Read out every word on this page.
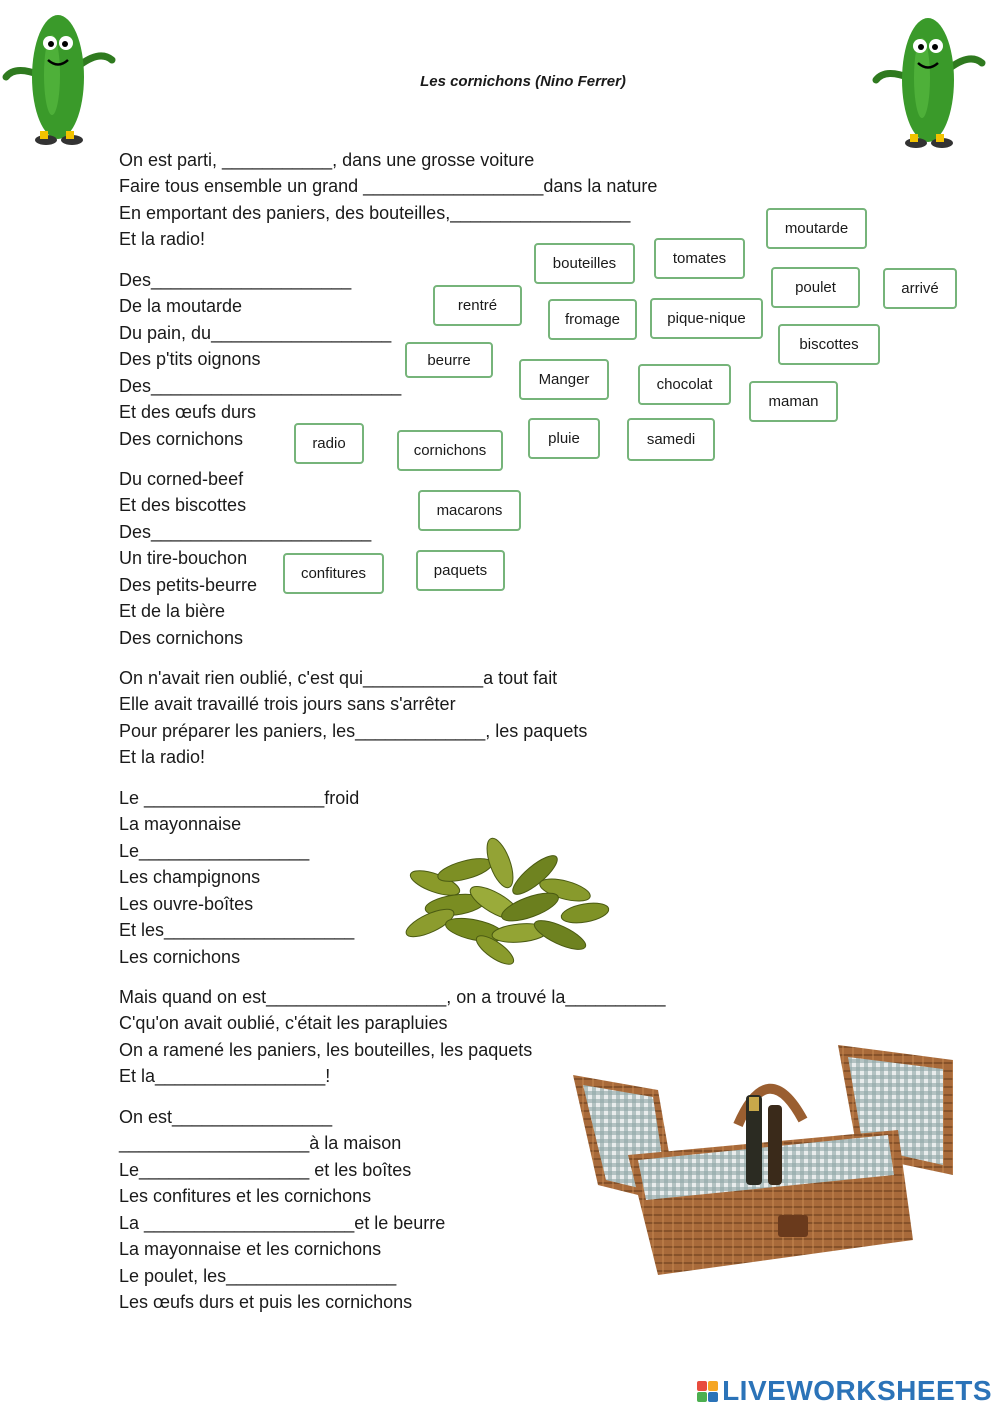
Les cornichons (Nino Ferrer)
On est parti, ___________, dans une grosse voiture
Faire tous ensemble un grand __________________dans la nature
En emportant des paniers, des bouteilles,__________________
Et la radio!
Des____________________
De la moutarde
Du pain, du__________________
Des p'tits oignons
Des_________________________
Et des œufs durs
Des cornichons
Du corned-beef
Et des biscottes
Des______________________
Un tire-bouchon
Des petits-beurre
Et de la bière
Des cornichons
On n'avait rien oublié, c'est qui____________a tout fait
Elle avait travaillé trois jours sans s'arrêter
Pour préparer les paniers, les_____________, les paquets
Et la radio!
Le __________________froid
La mayonnaise
Le_________________
Les champignons
Les ouvre-boîtes
Et les___________________
Les cornichons
Mais quand on est__________________, on a trouvé la__________
C'qu'on avait oublié, c'était les parapluies
On a ramené les paniers, les bouteilles, les paquets
Et la_________________!
On est________________
___________________à la maison
Le_________________ et les boîtes
Les confitures et les cornichons
La _____________________et le beurre
La mayonnaise et les cornichons
Le poulet, les_________________
Les œufs durs et puis les cornichons
moutarde
bouteilles	tomates
poulet	arrivé
rentré
fromage	pique-nique
biscottes
beurre
Manger	chocolat
maman
radio	cornichons
pluie	samedi
macarons
confitures	paquets
LIVEWORKSHEETS
